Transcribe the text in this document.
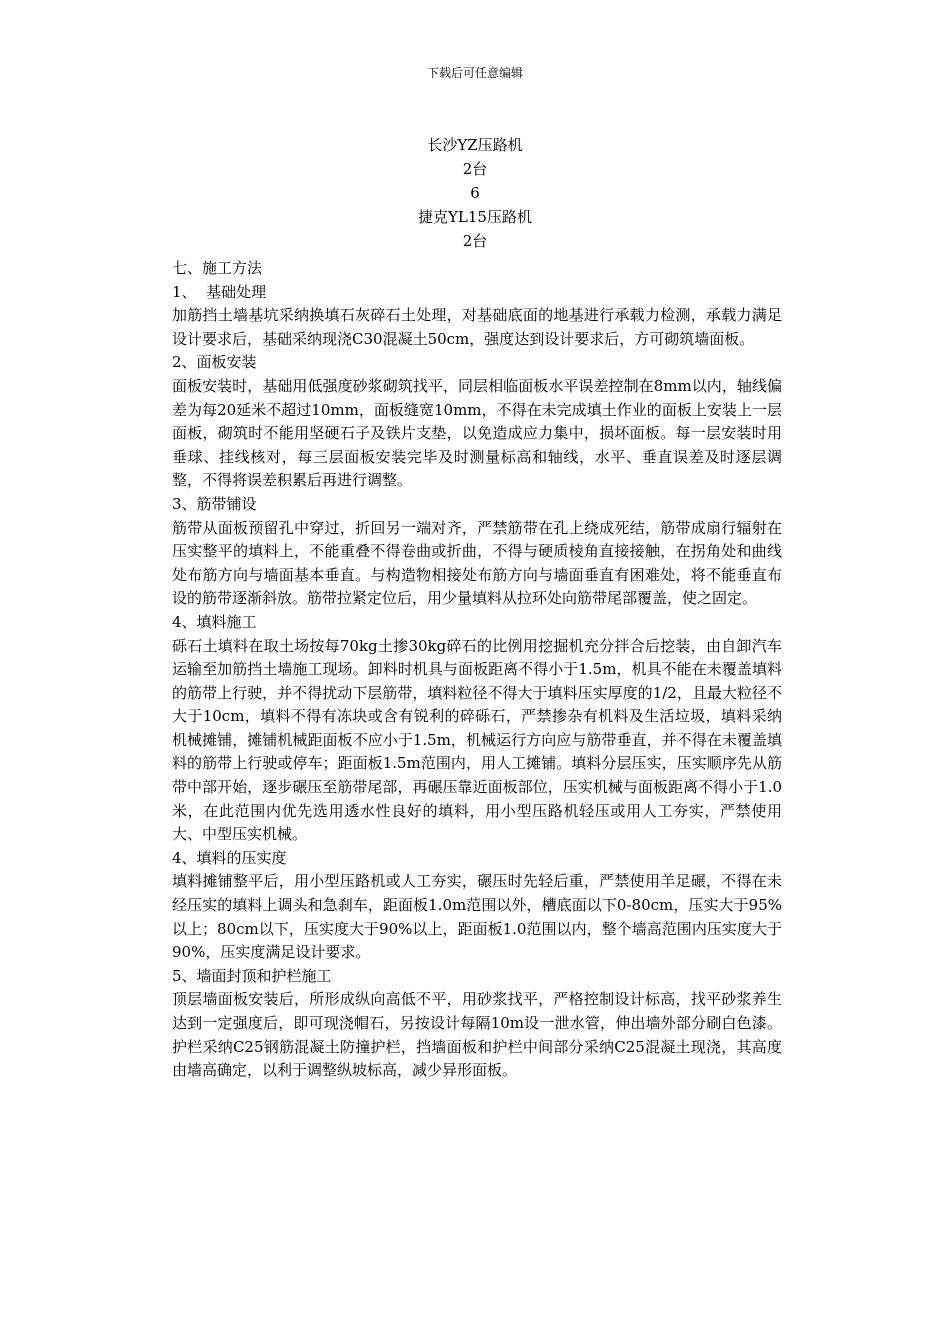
下载后可任意编辑
长沙YZ压路机
2台
6
捷克YL15压路机
2台

七、施工方法

1、  基础处理

加筋挡土墙基坑采纳换填石灰碎石土处理，对基础底面的地基进行承载力检测，承载力满足设计要求后，基础采纳现浇C30混凝土50cm，强度达到设计要求后，方可砌筑墙面板。

2、面板安装

面板安装时，基础用低强度砂浆砌筑找平，同层相临面板水平误差控制在8mm以内，轴线偏差为每20延米不超过10mm，面板缝宽10mm，不得在未完成填土作业的面板上安装上一层面板，砌筑时不能用坚硬石子及铁片支垫，以免造成应力集中，损坏面板。每一层安装时用垂球、挂线核对，每三层面板安装完毕及时测量标高和轴线，水平、垂直误差及时逐层调整，不得将误差积累后再进行调整。

3、筋带铺设

筋带从面板预留孔中穿过，折回另一端对齐，严禁筋带在孔上绕成死结，筋带成扇行辐射在压实整平的填料上，不能重叠不得卷曲或折曲，不得与硬质棱角直接接触，在拐角处和曲线处布筋方向与墙面基本垂直。与构造物相接处布筋方向与墙面垂直有困难处，将不能垂直布设的筋带逐渐斜放。筋带拉紧定位后，用少量填料从拉环处向筋带尾部覆盖，使之固定。

4、填料施工

砾石土填料在取土场按每70kg土掺30kg碎石的比例用挖掘机充分拌合后挖装，由自卸汽车运输至加筋挡土墙施工现场。卸料时机具与面板距离不得小于1.5m，机具不能在未覆盖填料的筋带上行驶，并不得扰动下层筋带，填料粒径不得大于填料压实厚度的1/2，且最大粒径不大于10cm，填料不得有冻块或含有锐利的碎砾石，严禁掺杂有机料及生活垃圾，填料采纳机械摊铺，摊铺机械距面板不应小于1.5m，机械运行方向应与筋带垂直，并不得在未覆盖填料的筋带上行驶或停车；距面板1.5m范围内，用人工摊铺。填料分层压实，压实顺序先从筋带中部开始，逐步碾压至筋带尾部，再碾压靠近面板部位，压实机械与面板距离不得小于1.0米，在此范围内优先选用透水性良好的填料，用小型压路机轻压或用人工夯实，严禁使用大、中型压实机械。

4、填料的压实度

填料摊铺整平后，用小型压路机或人工夯实，碾压时先轻后重，严禁使用羊足碾，不得在未经压实的填料上调头和急刹车，距面板1.0m范围以外，槽底面以下0-80cm，压实大于95%以上；80cm以下，压实度大于90%以上，距面板1.0范围以内，整个墙高范围内压实度大于90%，压实度满足设计要求。

5、墙面封顶和护栏施工

顶层墙面板安装后，所形成纵向高低不平，用砂浆找平，严格控制设计标高，找平砂浆养生达到一定强度后，即可现浇帽石，另按设计每隔10m设一泄水管，伸出墙外部分刷白色漆。护栏采纳C25钢筋混凝土防撞护栏，挡墙面板和护栏中间部分采纳C25混凝土现浇，其高度由墙高确定，以利于调整纵坡标高，减少异形面板。
